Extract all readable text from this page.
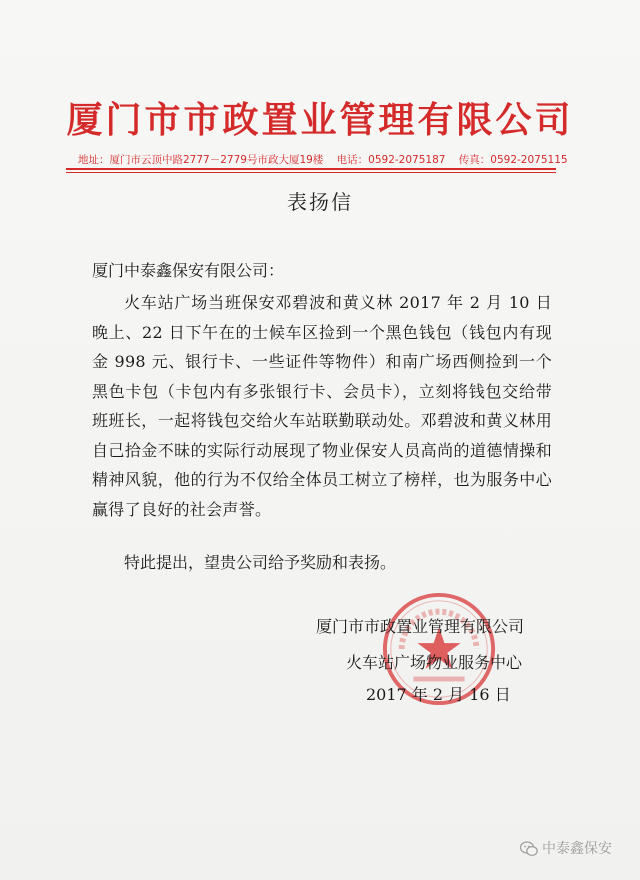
厦门市市政置业管理有限公司
地址：厦门市云顶中路2777－2779号市政大厦19楼 电话：0592-2075187 传真：0592-2075115
表扬信
厦门中泰鑫保安有限公司：
火车站广场当班保安邓碧波和黄义林 2017 年 2 月 10 日晚上、22 日下午在的士候车区捡到一个黑色钱包（钱包内有现金 998 元、银行卡、一些证件等物件）和南广场西侧捡到一个黑色卡包（卡包内有多张银行卡、会员卡），立刻将钱包交给带班班长，一起将钱包交给火车站联勤联动处。邓碧波和黄义林用自己拾金不昧的实际行动展现了物业保安人员高尚的道德情操和精神风貌，他的行为不仅给全体员工树立了榜样，也为服务中心赢得了良好的社会声誉。
特此提出，望贵公司给予奖励和表扬。
厦门市市政置业管理有限公司
火车站广场物业服务中心
2017 年 2 月 16 日
中泰鑫保安
